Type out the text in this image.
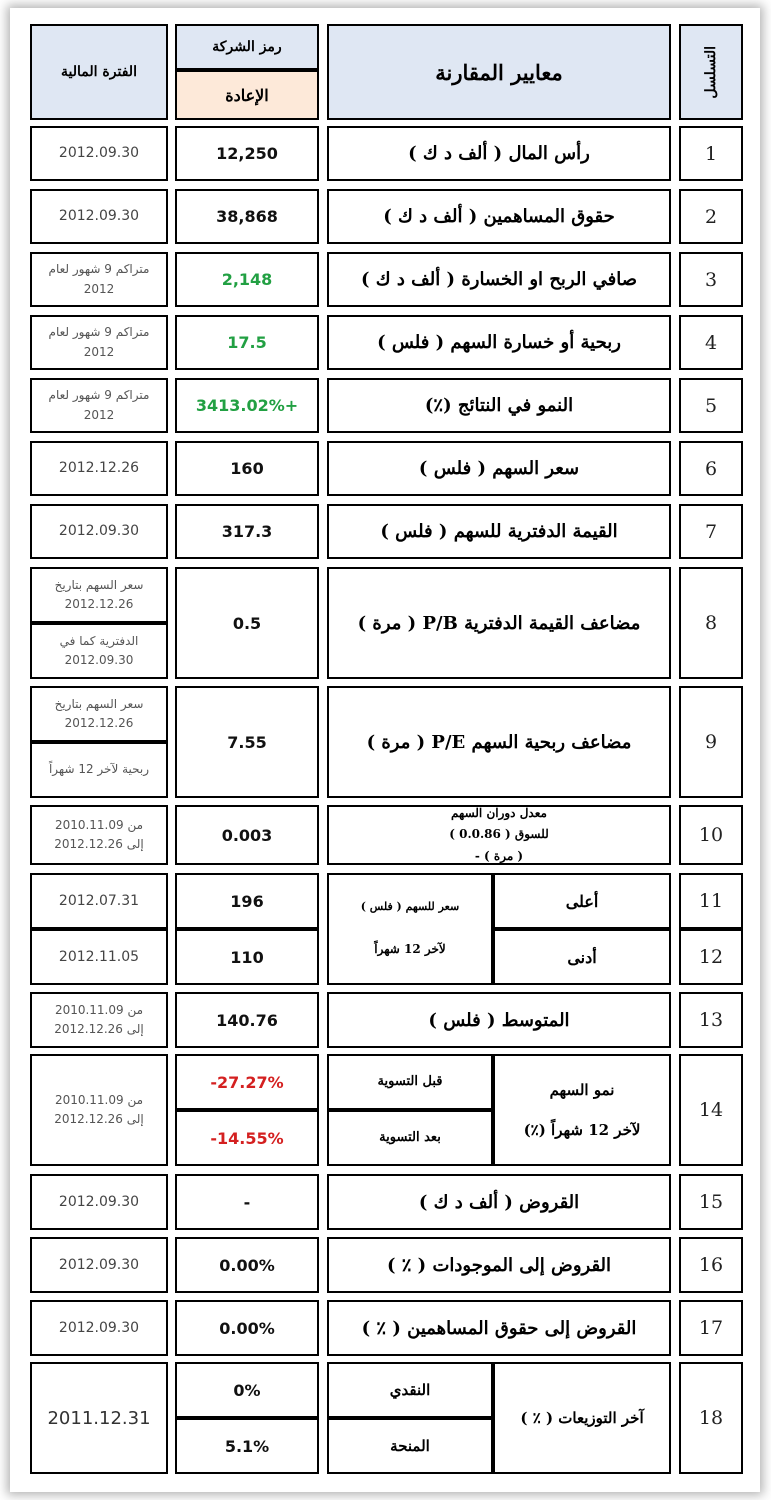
التسلسل
معايير المقارنة
رمز الشركة
الإعادة
الفترة المالية
1
رأس المال ( ألف د ك )
12,250
2012.09.30
2
حقوق المساهمين ( ألف د ك )
38,868
2012.09.30
3
صافي الربح او الخسارة ( ألف د ك )
2,148
متراكم 9 شهور لعام 2012
4
ربحية أو خسارة السهم ( فلس )
17.5
متراكم 9 شهور لعام 2012
5
النمو في النتائج (٪)
3413.02%+
متراكم 9 شهور لعام 2012
6
سعر السهم ( فلس )
160
2012.12.26
7
القيمة الدفترية للسهم ( فلس )
317.3
2012.09.30
8
مضاعف القيمة الدفترية P/B ( مرة )
0.5
سعر السهم بتاريخ 2012.12.26
الدفترية كما في 2012.09.30
9
مضاعف ربحية السهم P/E ( مرة )
7.55
سعر السهم بتاريخ 2012.12.26
ربحية لآخر 12 شهراً
10
معدل دوران السهم
للسوق ( 0.0.86 )
( مرة ) -
0.003
من 2010.11.09
إلى 2012.12.26
11
12
أعلى
أدنى
سعر للسهم ( فلس )
لآخر 12 شهراً
196
110
2012.07.31
2012.11.05
13
المتوسط ( فلس )
140.76
من 2010.11.09
إلى 2012.12.26
14
نمو السهم
لآخر 12 شهراً (٪)
قبل التسوية
بعد التسوية
-27.27%
-14.55%
من 2010.11.09
إلى 2012.12.26
15
القروض ( ألف د ك )
-
2012.09.30
16
القروض إلى الموجودات ( ٪ )
0.00%
2012.09.30
17
القروض إلى حقوق المساهمين ( ٪ )
0.00%
2012.09.30
18
آخر التوزيعات ( ٪ )
النقدي
المنحة
0%
5.1%
2011.12.31
